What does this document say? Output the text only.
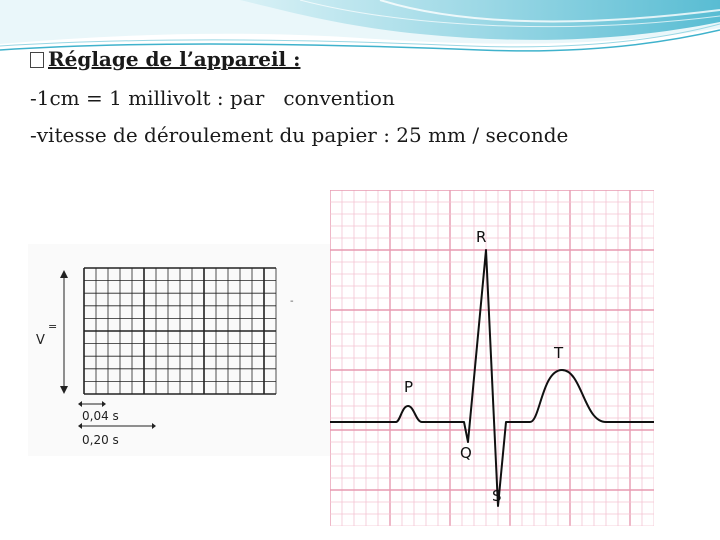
Réglage de l’appareil :
-1cm = 1 millivolt : par   convention
-vitesse de déroulement du papier : 25 mm / seconde
V
=
0,04 s
0,20 s
-
R
T
P
Q
S
